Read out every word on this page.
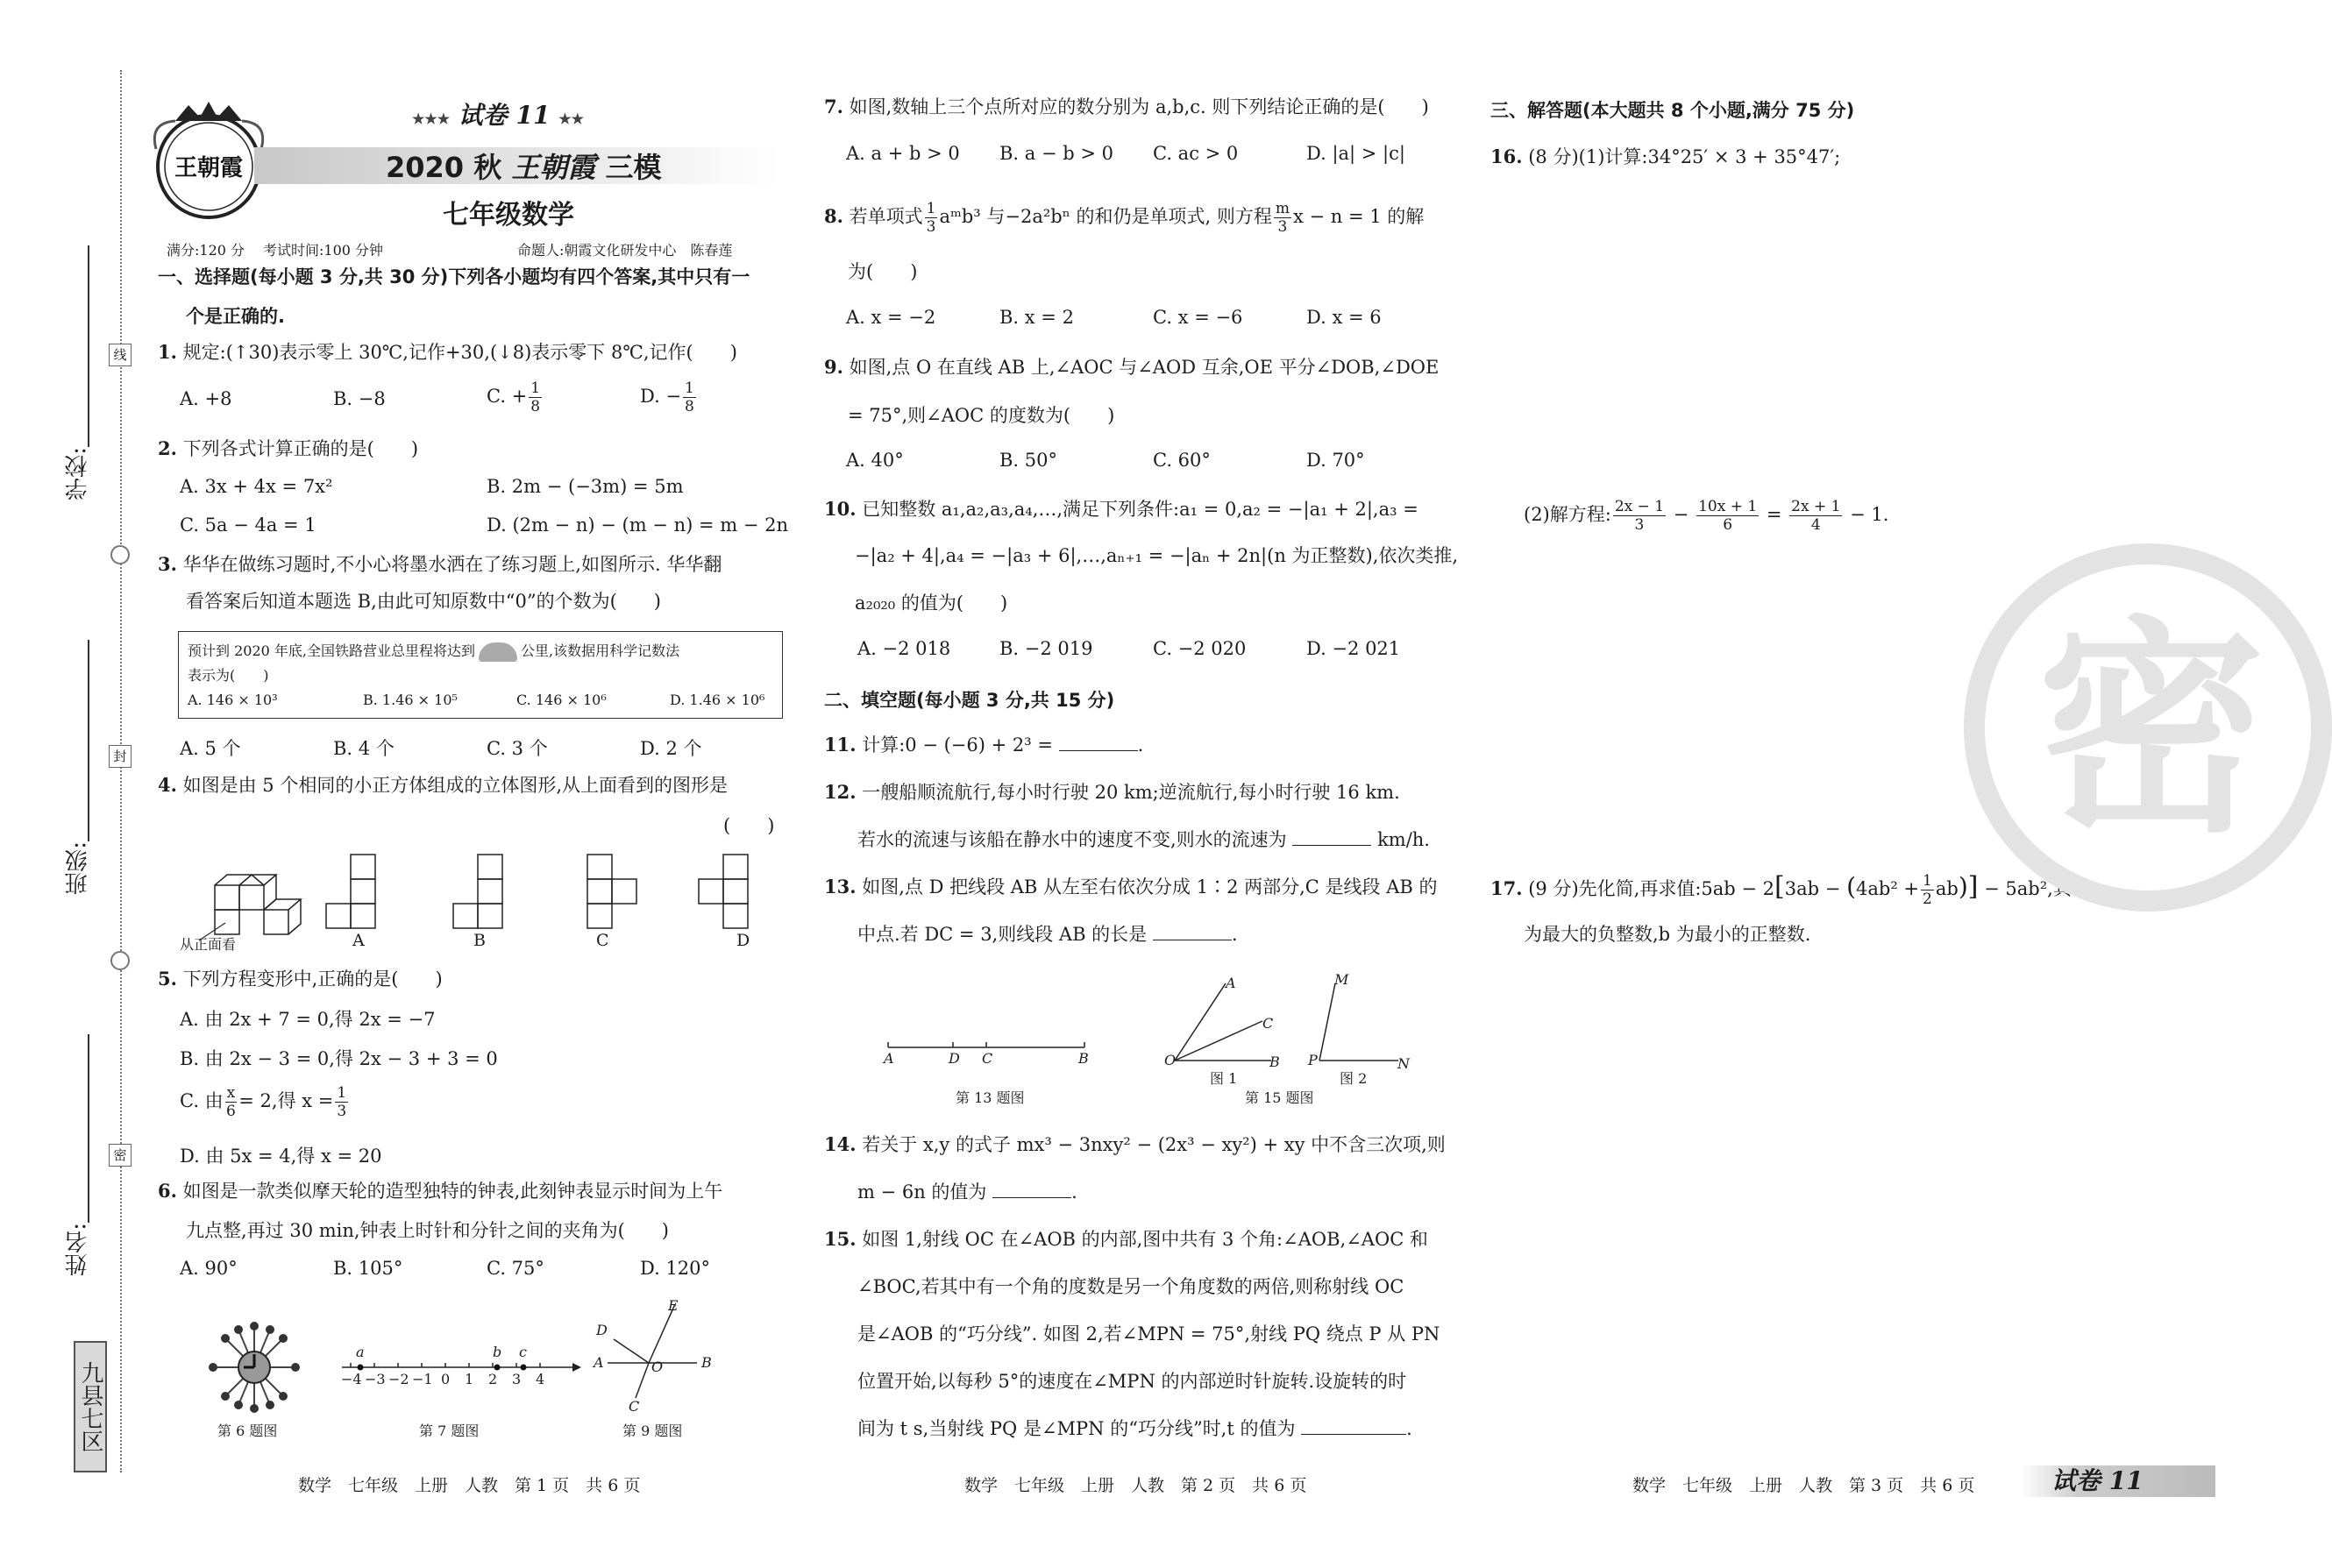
学校:
班级:
姓名:
线
封
密
九县七区
王朝霞
★★★ 试卷 11 ★★
2020 秋 王朝霞 三模
七年级数学
满分:120 分 考试时间:100 分钟	命题人:朝霞文化研发中心　陈春莲
一、选择题(每小题 3 分,共 30 分)下列各小题均有四个答案,其中只有一
个是正确的.
1. 规定:(↑30)表示零上 30℃,记作+30,(↓8)表示零下 8℃,记作(　　)
A. +8	B. −8	C. + $\frac{1}{8}$	D. − $\frac{1}{8}$
2. 下列各式计算正确的是(　　)
A. 3x + 4x = 7x²	B. 2m − (−3m) = 5m
C. 5a − 4a = 1	D. (2m − n) − (m − n) = m − 2n
3. 华华在做练习题时,不小心将墨水洒在了练习题上,如图所示. 华华翻
看答案后知道本题选 B,由此可知原数中“0”的个数为(　　)
预计到 2020 年底,全国铁路营业总里程将达到	公里,该数据用科学记数法
表示为(　　)
A. 146 × 10³	B. 1.46 × 10⁵	C. 146 × 10⁶	D. 1.46 × 10⁶
A. 5 个	B. 4 个	C. 3 个	D. 2 个
4. 如图是由 5 个相同的小正方体组成的立体图形,从上面看到的图形是
(　　)
从正面看	A	B	C	D
5. 下列方程变形中,正确的是(　　)
A. 由 2x + 7 = 0,得 2x = −7
B. 由 2x − 3 = 0,得 2x − 3 + 3 = 0
C. 由 $\frac{x}{6} = 2$,得 $x = \frac{1}{3}$
D. 由 5x = 4,得 x = 20
6. 如图是一款类似摩天轮的造型独特的钟表,此刻钟表显示时间为上午
九点整,再过 30 min,钟表上时针和分针之间的夹角为(　　)
A. 90°	B. 105°	C. 75°	D. 120°
第 6 题图
a	b c
−4 −3 −2 −1 0 1 2 3 4
第 7 题图
D
E
A	O	B
C
第 9 题图
7. 如图,数轴上三个点所对应的数分别为 a,b,c. 则下列结论正确的是(　　)
A. a + b > 0 B. a − b > 0 C. ac > 0	D. |a| > |c|
8. 若单项式 $\frac{1}{3}$ aᵐb³ 与−2a²bⁿ 的和仍是单项式, 则方程 $\frac{m}{3}$ x − n = 1 的解
为(　　)
A. x = −2	B. x = 2	C. x = −6	D. x = 6
9. 如图,点 O 在直线 AB 上,∠AOC 与∠AOD 互余,OE 平分∠DOB,∠DOE
= 75°,则∠AOC 的度数为(　　)
A. 40°	B. 50°	C. 60°	D. 70°
10. 已知整数 a₁,a₂,a₃,a₄,…,满足下列条件:a₁ = 0,a₂ = −|a₁ + 2|,a₃ =
−|a₂ + 4|,a₄ = −|a₃ + 6|,…,aₙ₊₁ = −|aₙ + 2n|(n 为正整数),依次类推,
a₂₀₂₀ 的值为(　　)
A. −2 018	B. −2 019	C. −2 020	D. −2 021
二、填空题(每小题 3 分,共 15 分)
11. 计算:0 − (−6) + 2³ =	.
12. 一艘船顺流航行,每小时行驶 20 km;逆流航行,每小时行驶 16 km.
若水的流速与该船在静水中的速度不变,则水的流速为	km/h.
13. 如图,点 D 把线段 AB 从左至右依次分成 1∶2 两部分,C 是线段 AB 的
中点.若 DC = 3,则线段 AB 的长是	.
A	D C	B
第 13 题图
A
C
O	B
M
P	N
图 1	图 2
第 15 题图
14. 若关于 x,y 的式子 mx³ − 3nxy² − (2x³ − xy²) + xy 中不含三次项,则
m − 6n 的值为	.
15. 如图 1,射线 OC 在∠AOB 的内部,图中共有 3 个角:∠AOB,∠AOC 和
∠BOC,若其中有一个角的度数是另一个角度数的两倍,则称射线 OC
是∠AOB 的“巧分线”. 如图 2,若∠MPN = 75°,射线 PQ 绕点 P 从 PN
位置开始,以每秒 5°的速度在∠MPN 的内部逆时针旋转.设旋转的时
间为 t s,当射线 PQ 是∠MPN 的“巧分线”时,t 的值为	.
三、解答题(本大题共 8 个小题,满分 75 分)
16. (8 分)(1)计算:34°25′ × 3 + 35°47′;
(2)解方程: $\frac{2x - 1}{3} - \frac{10x + 1}{6} = \frac{2x + 1}{4} - 1$.
17. (9 分)先化简,再求值:5ab − $2[3ab - (4ab^2 + \frac{1}{2} ab)] - 5ab^2$,其中 a
为最大的负整数,b 为最小的正整数.
密
数学　七年级　上册　人教　第 1 页　共 6 页	数学　七年级　上册　人教　第 2 页　共 6 页	数学　七年级　上册　人教　第 3 页　共 6 页	试卷 11
